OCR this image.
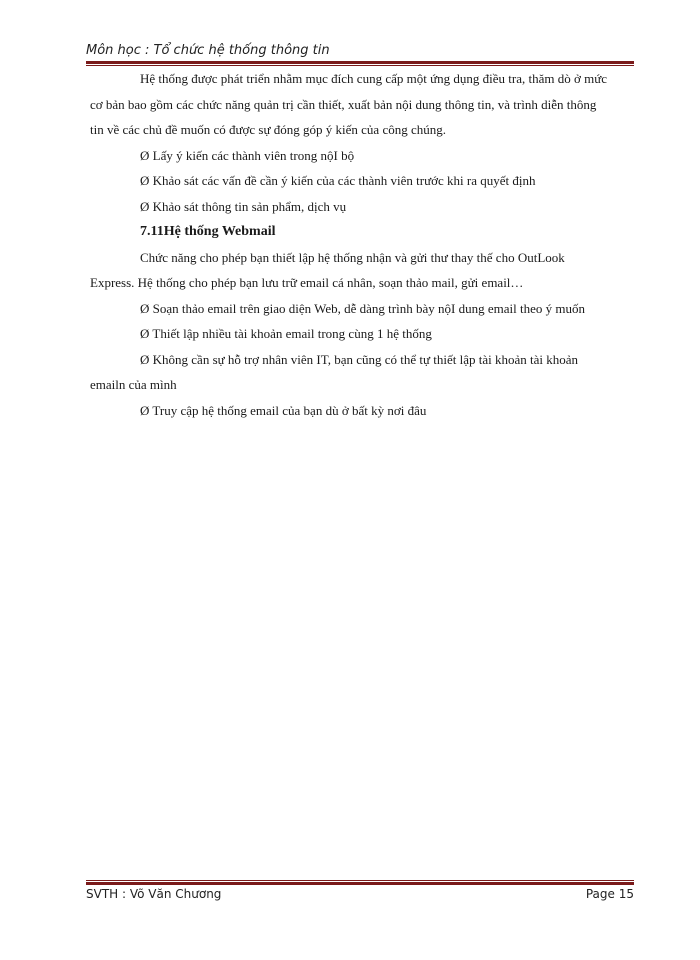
Môn học : Tổ chức hệ thống thông tin

Hệ thống được phát triển nhằm mục đích cung cấp một ứng dụng điều tra, thăm dò ở mức

cơ bản bao gồm các chức năng quản trị cần thiết, xuất bản nội dung thông tin, và trình diễn thông

tin về các chủ đề muốn có được sự đóng góp ý kiến của công chúng.

Ø Lấy ý kiến các thành viên trong nộI bộ

Ø Khảo sát các vấn đề cần ý kiến của các thành viên trước khi ra quyết định

Ø Khảo sát thông tin sản phẩm, dịch vụ

7.11Hệ thống Webmail

Chức năng cho phép bạn thiết lập hệ thống nhận và gửi thư thay thế cho OutLook

Express. Hệ thống cho phép bạn lưu trữ email cá nhân, soạn thảo mail, gửi email…

Ø Soạn thảo email trên giao diện Web, dễ dàng trình bày nộI dung email theo ý muốn

Ø Thiết lập nhiều tài khoản email trong cùng 1 hệ thống

Ø Không cần sự hỗ trợ nhân viên IT, bạn cũng có thể tự thiết lập tài khoản tài khoản

emailn của mình

Ø Truy cập hệ thống email của bạn dù ở bất kỳ nơi đâu

SVTH : Võ Văn Chương	Page 15
